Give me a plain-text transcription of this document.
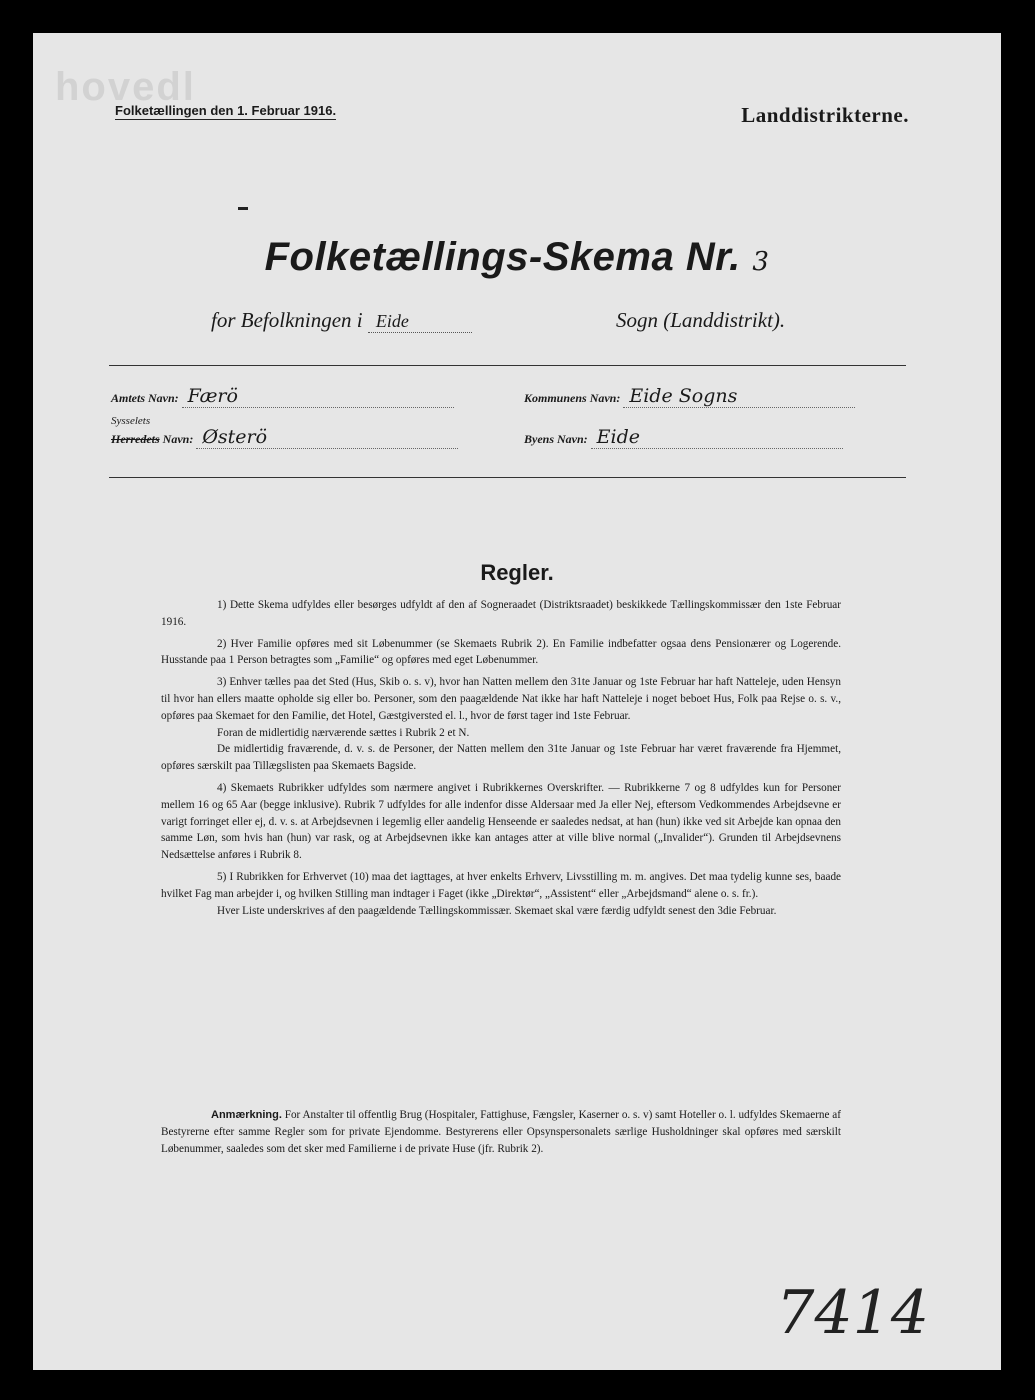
hovedl
Folketællingen den 1. Februar 1916.	Landdistrikterne.
Folketællings-Skema Nr. 3
for Befolkningen i Eide	Sogn (Landdistrikt).
Amtets Navn: Færö	Kommunens Navn: Eide Sogns
Sysselets
Herredets Navn: Østerö	Byens Navn: Eide
Regler.

1) Dette Skema udfyldes eller besørges udfyldt af den af Sogneraadet (Distriktsraadet) beskikkede Tællingskommissær den 1ste Februar 1916.

2) Hver Familie opføres med sit Løbenummer (se Skemaets Rubrik 2). En Familie indbefatter ogsaa dens Pensionærer og Logerende. Husstande paa 1 Person betragtes som „Familie“ og opføres med eget Løbenummer.

3) Enhver tælles paa det Sted (Hus, Skib o. s. v), hvor han Natten mellem den 31te Januar og 1ste Februar har haft Natteleje, uden Hensyn til hvor han ellers maatte opholde sig eller bo. Personer, som den paagældende Nat ikke har haft Natteleje i noget beboet Hus, Folk paa Rejse o. s. v., opføres paa Skemaet for den Familie, det Hotel, Gæstgiversted el. l., hvor de først tager ind 1ste Februar.

Foran de midlertidig nærværende sættes i Rubrik 2 et N.

De midlertidig fraværende, d. v. s. de Personer, der Natten mellem den 31te Januar og 1ste Februar har været fraværende fra Hjemmet, opføres særskilt paa Tillægslisten paa Skemaets Bagside.

4) Skemaets Rubrikker udfyldes som nærmere angivet i Rubrikkernes Overskrifter. — Rubrikkerne 7 og 8 udfyldes kun for Personer mellem 16 og 65 Aar (begge inklusive). Rubrik 7 udfyldes for alle indenfor disse Aldersaar med Ja eller Nej, eftersom Vedkommendes Arbejdsevne er varigt forringet eller ej, d. v. s. at Arbejdsevnen i legemlig eller aandelig Henseende er saaledes nedsat, at han (hun) ikke ved sit Arbejde kan opnaa den samme Løn, som hvis han (hun) var rask, og at Arbejdsevnen ikke kan antages atter at ville blive normal („Invalider“). Grunden til Arbejdsevnens Nedsættelse anføres i Rubrik 8.

5) I Rubrikken for Erhvervet (10) maa det iagttages, at hver enkelts Erhverv, Livsstilling m. m. angives. Det maa tydelig kunne ses, baade hvilket Fag man arbejder i, og hvilken Stilling man indtager i Faget (ikke „Direktør“, „Assistent“ eller „Arbejdsmand“ alene o. s. fr.).

Hver Liste underskrives af den paagældende Tællingskommissær. Skemaet skal være færdig udfyldt senest den 3die Februar.

Anmærkning. For Anstalter til offentlig Brug (Hospitaler, Fattighuse, Fængsler, Kaserner o. s. v) samt Hoteller o. l. udfyldes Skemaerne af Bestyrerne efter samme Regler som for private Ejendomme. Bestyrerens eller Opsynspersonalets særlige Husholdninger skal opføres med særskilt Løbenummer, saaledes som det sker med Familierne i de private Huse (jfr. Rubrik 2).
7414
